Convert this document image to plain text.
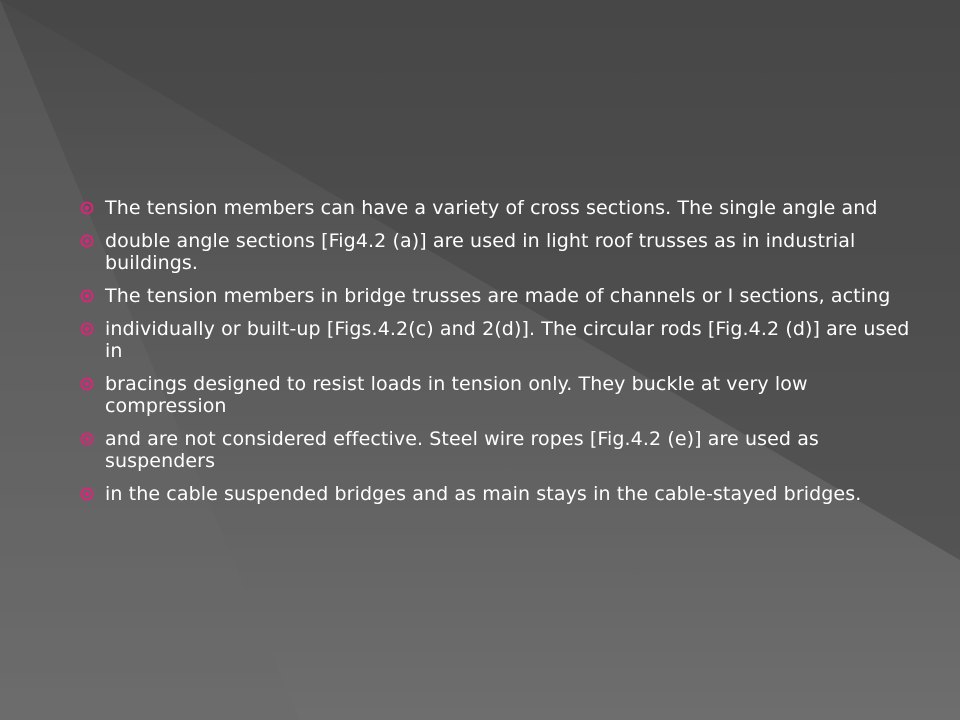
The tension members can have a variety of cross sections. The single angle and
double angle sections [Fig4.2 (a)] are used in light roof trusses as in industrial buildings.
The tension members in bridge trusses are made of channels or I sections, acting
individually or built-up [Figs.4.2(c) and 2(d)]. The circular rods [Fig.4.2 (d)] are used in
bracings designed to resist loads in tension only. They buckle at very low compression
and are not considered effective. Steel wire ropes [Fig.4.2 (e)] are used as suspenders
in the cable suspended bridges and as main stays in the cable-stayed bridges.
